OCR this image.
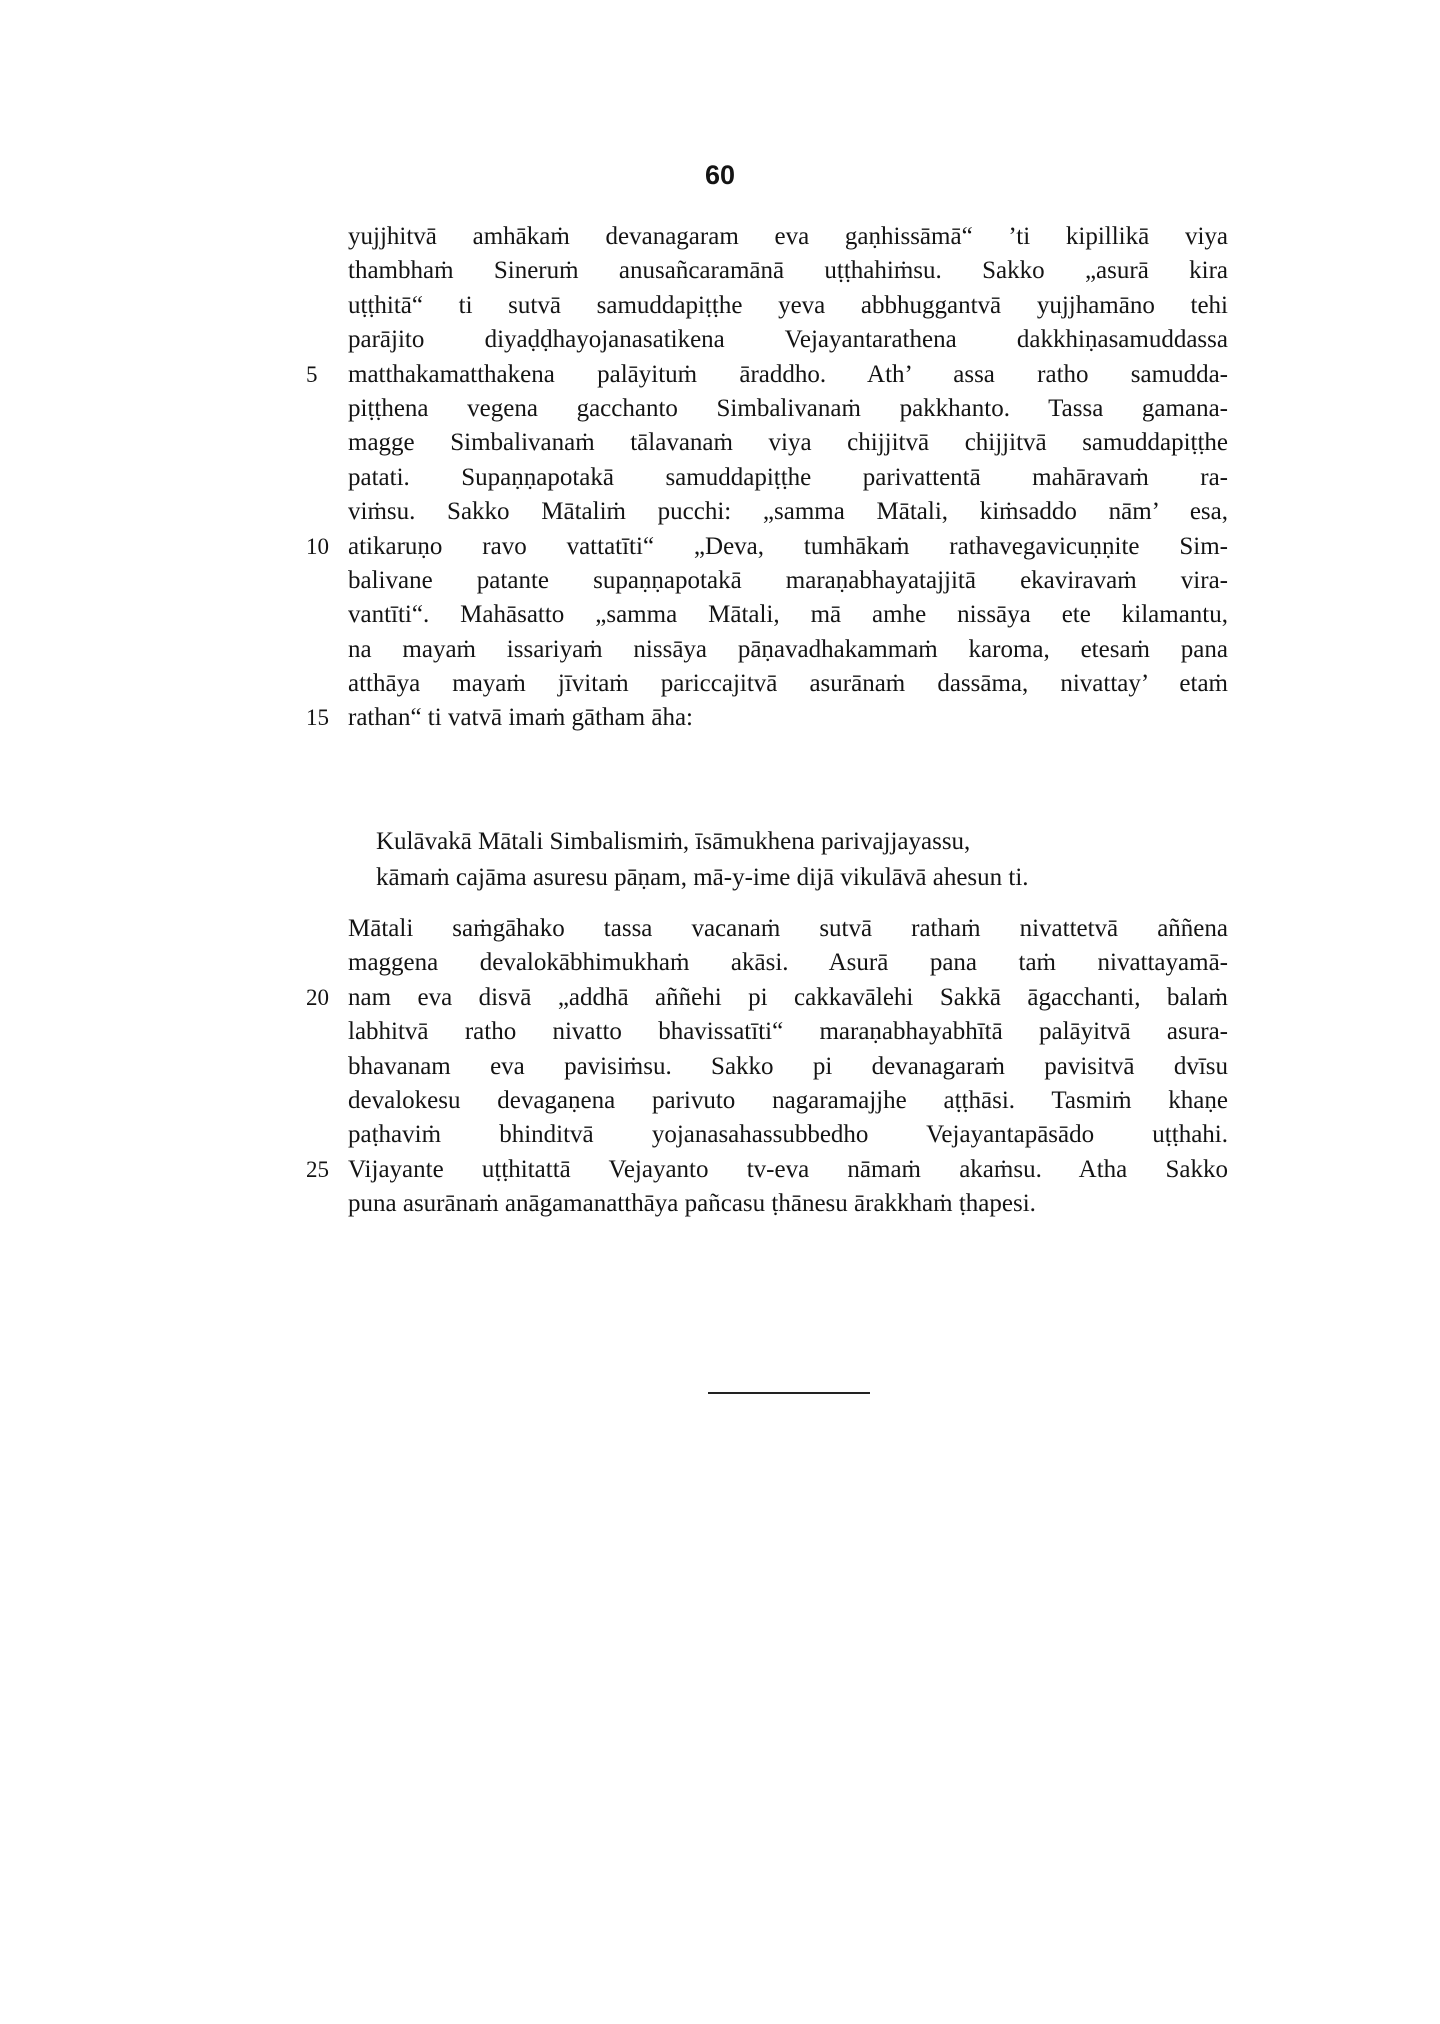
60
yujjhitvā amhākaṁ devanagaram eva gaṇhissāmā“ ’ti kipillikā viya
thambhaṁ Sineruṁ anusañcaramānā uṭṭhahiṁsu. Sakko „asurā kira
uṭṭhitā“ ti sutvā samuddapiṭṭhe yeva abbhuggantvā yujjhamāno tehi
parājito diyaḍḍhayojanasatikena Vejayantarathena dakkhiṇasamuddassa
5	matthakamatthakena palāyituṁ āraddho. Ath’ assa ratho samudda-
piṭṭhena vegena gacchanto Simbalivanaṁ pakkhanto. Tassa gamana-
magge Simbalivanaṁ tālavanaṁ viya chijjitvā chijjitvā samuddapiṭṭhe
patati. Supaṇṇapotakā samuddapiṭṭhe parivattentā mahāravaṁ ra-
viṁsu. Sakko Mātaliṁ pucchi: „samma Mātali, kiṁsaddo nām’ esa,
10 atikaruṇo ravo vattatīti“ „Deva, tumhākaṁ rathavegavicuṇṇite Sim-
balivane patante supaṇṇapotakā maraṇabhayatajjitā ekaviravaṁ vira-
vantīti“. Mahāsatto „samma Mātali, mā amhe nissāya ete kilamantu,
na mayaṁ issariyaṁ nissāya pāṇavadhakammaṁ karoma, etesaṁ pana
atthāya mayaṁ jīvitaṁ pariccajitvā asurānaṁ dassāma, nivattay’ etaṁ
15 rathan“ ti vatvā imaṁ gātham āha:
Kulāvakā Mātali Simbalismiṁ, īsāmukhena parivajjayassu,
kāmaṁ cajāma asuresu pāṇam, mā-y-ime dijā vikulāvā ahesun ti.
Mātali saṁgāhako tassa vacanaṁ sutvā rathaṁ nivattetvā aññena
maggena devalokābhimukhaṁ akāsi. Asurā pana taṁ nivattayamā-
20 nam eva disvā „addhā aññehi pi cakkavālehi Sakkā āgacchanti, balaṁ
labhitvā ratho nivatto bhavissatīti“ maraṇabhayabhītā palāyitvā asura-
bhavanam eva pavisiṁsu. Sakko pi devanagaraṁ pavisitvā dvīsu
devalokesu devagaṇena parivuto nagaramajjhe aṭṭhāsi. Tasmiṁ khaṇe
paṭhaviṁ bhinditvā yojanasahassubbedho Vejayantapāsādo uṭṭhahi.
25 Vijayante uṭṭhitattā Vejayanto tv-eva nāmaṁ akaṁsu. Atha Sakko
puna asurānaṁ anāgamanatthāya pañcasu ṭhānesu ārakkhaṁ ṭhapesi.
